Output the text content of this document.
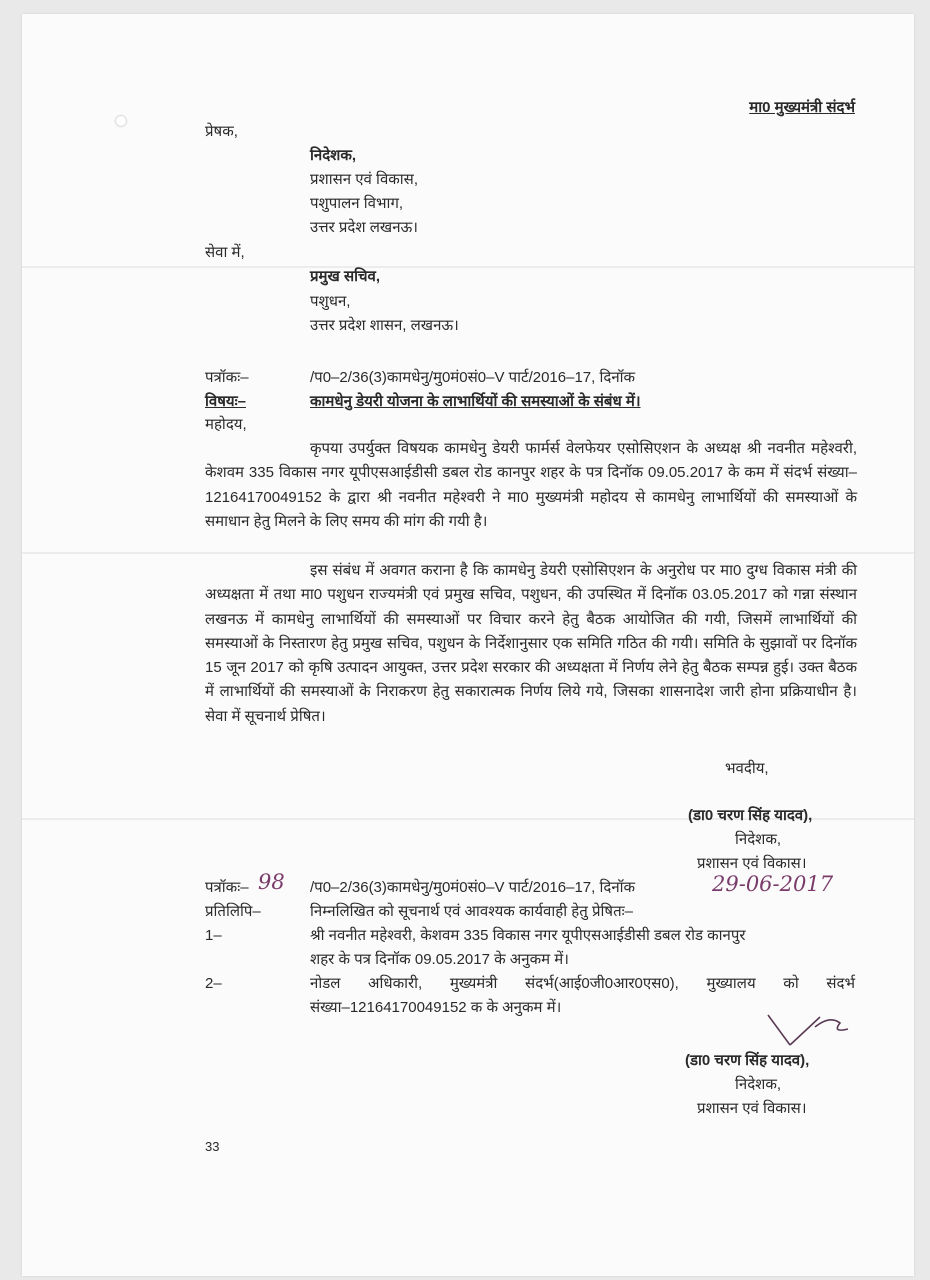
मा0 मुख्यमंत्री संदर्भ
प्रेषक,
निदेशक,
प्रशासन एवं विकास,
पशुपालन विभाग,
उत्तर प्रदेश लखनऊ।
सेवा में,
प्रमुख सचिव,
पशुधन,
उत्तर प्रदेश शासन, लखनऊ।
पत्रॉकः–	/प0–2/36(3)कामधेनु/मु0मं0सं0–V पार्ट/2016–17, दिनॉक
विषयः–	कामधेनु डेयरी योजना के लाभार्थियों की समस्याओं के संबंध में।
महोदय,
कृपया उपर्युक्त विषयक कामधेनु डेयरी फार्मर्स वेलफेयर एसोसिएशन के अध्यक्ष श्री नवनीत महेश्वरी, केशवम 335 विकास नगर यूपीएसआईडीसी डबल रोड कानपुर शहर के पत्र दिनॉक 09.05.2017 के कम में संदर्भ संख्या–12164170049152 के द्वारा श्री नवनीत महेश्वरी ने मा0 मुख्यमंत्री महोदय से कामधेनु लाभार्थियों की समस्याओं के समाधान हेतु मिलने के लिए समय की मांग की गयी है।
इस संबंध में अवगत कराना है कि कामधेनु डेयरी एसोसिएशन के अनुरोध पर मा0 दुग्ध विकास मंत्री की अध्यक्षता में तथा मा0 पशुधन राज्यमंत्री एवं प्रमुख सचिव, पशुधन, की उपस्थित में दिनॉक 03.05.2017 को गन्ना संस्थान लखनऊ में कामधेनु लाभार्थियों की समस्याओं पर विचार करने हेतु बैठक आयोजित की गयी, जिसमें लाभार्थियों की समस्याओं के निस्तारण हेतु प्रमुख सचिव, पशुधन के निर्देशानुसार एक समिति गठित की गयी। समिति के सुझावों पर दिनॉक 15 जून 2017 को कृषि उत्पादन आयुक्त, उत्तर प्रदेश सरकार की अध्यक्षता में निर्णय लेने हेतु बैठक सम्पन्न हुई। उक्त बैठक में लाभार्थियों की समस्याओं के निराकरण हेतु सकारात्मक निर्णय लिये गये, जिसका शासनादेश जारी होना प्रक्रियाधीन है। सेवा में सूचनार्थ प्रेषित।
भवदीय,
(डा0 चरण सिंह यादव),
निदेशक,
प्रशासन एवं विकास।
पत्रॉकः– 98 /प0–2/36(3)कामधेनु/मु0मं0सं0–V पार्ट/2016–17, दिनॉक	29-06-2017
प्रतिलिपि–	निम्नलिखित को सूचनार्थ एवं आवश्यक कार्यवाही हेतु प्रेषितः–
1–	श्री नवनीत महेश्वरी, केशवम 335 विकास नगर यूपीएसआईडीसी डबल रोड कानपुर
शहर के पत्र दिनॉक 09.05.2017 के अनुकम में।
2–	नोडल अधिकारी, मुख्यमंत्री संदर्भ(आई0जी0आर0एस0), मुख्यालय को संदर्भ
संख्या–12164170049152 क के अनुकम में।
(डा0 चरण सिंह यादव),
निदेशक,
प्रशासन एवं विकास।
33
